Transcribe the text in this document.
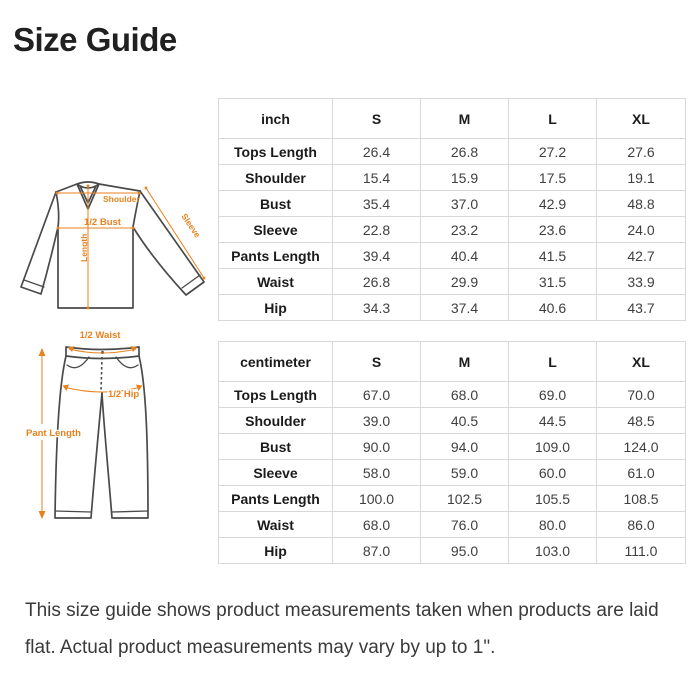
Size Guide
Shoulder
1/2 Bust
Length
Sleeve
1/2 Waist
1/2 Hip
Pant Length
inch	S	M	L	XL
Tops Length	26.4	26.8	27.2	27.6
Shoulder	15.4	15.9	17.5	19.1
Bust	35.4	37.0	42.9	48.8
Sleeve	22.8	23.2	23.6	24.0
Pants Length	39.4	40.4	41.5	42.7
Waist	26.8	29.9	31.5	33.9
Hip	34.3	37.4	40.6	43.7
centimeter	S	M	L	XL
Tops Length	67.0	68.0	69.0	70.0
Shoulder	39.0	40.5	44.5	48.5
Bust	90.0	94.0	109.0	124.0
Sleeve	58.0	59.0	60.0	61.0
Pants Length	100.0	102.5	105.5	108.5
Waist	68.0	76.0	80.0	86.0
Hip	87.0	95.0	103.0	111.0

This size guide shows product measurements taken when products are laid flat. Actual product measurements may vary by up to 1".
